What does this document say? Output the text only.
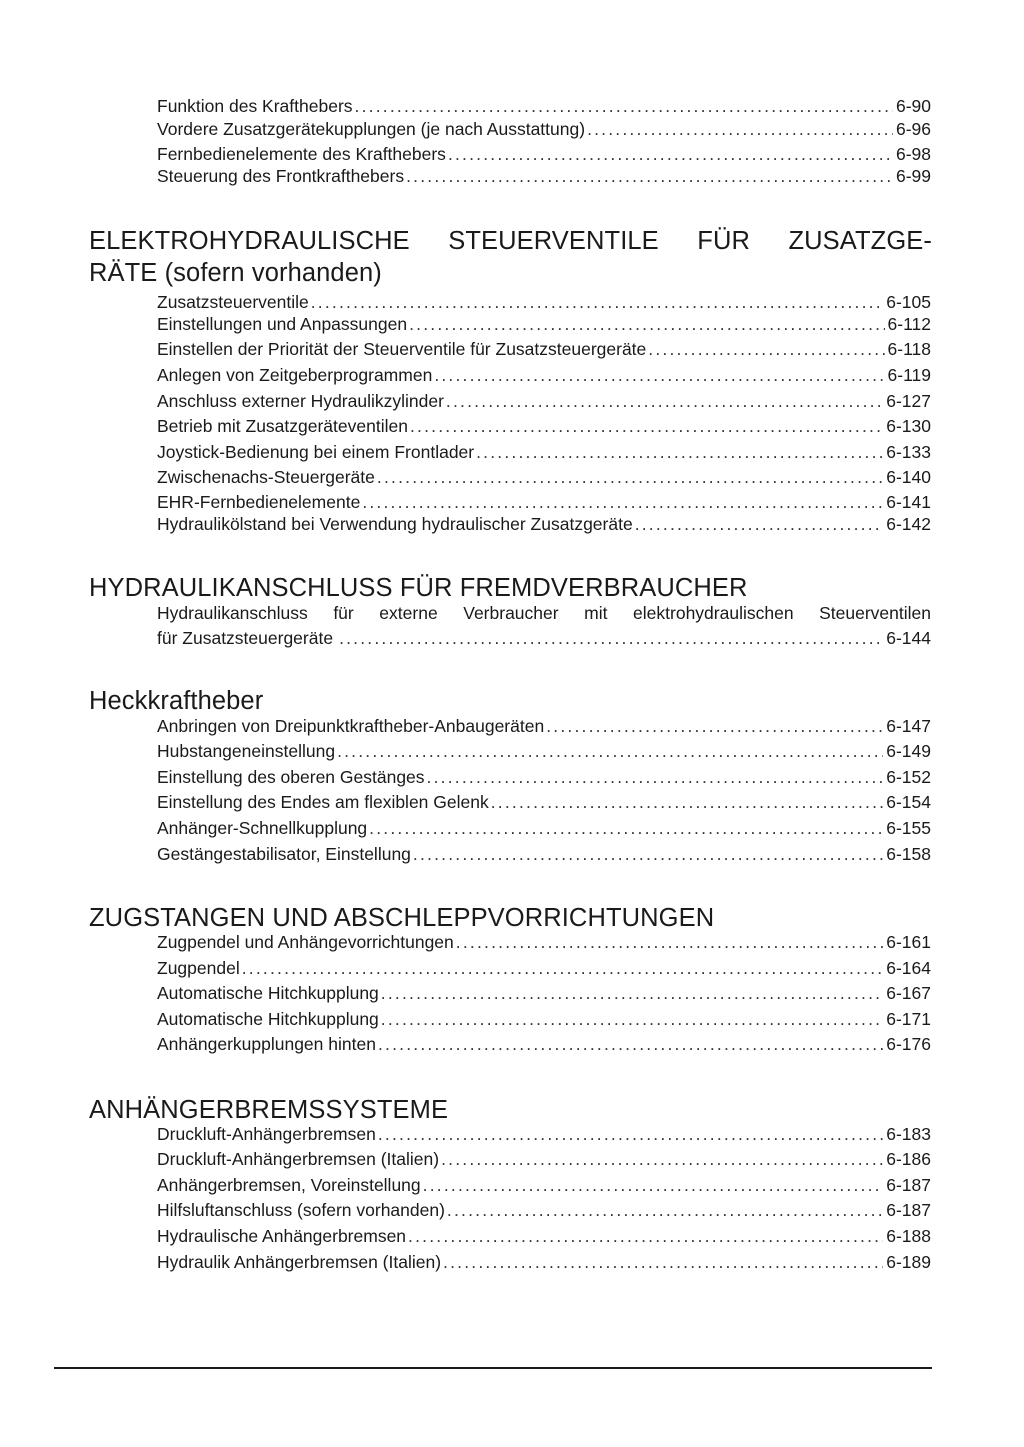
Funktion des Krafthebers .....	6-90
Vordere Zusatzgerätekupplungen (je nach Ausstattung) .....	6-96
Fernbedienelemente des Krafthebers .....	6-98
Steuerung des Frontkrafthebers .....	6-99
ELEKTROHYDRAULISCHE STEUERVENTILE FÜR ZUSATZGE-
RÄTE (sofern vorhanden)
Zusatzsteuerventile .....	6-105
Einstellungen und Anpassungen .....	6-112
Einstellen der Priorität der Steuerventile für Zusatzsteuergeräte .....	6-118
Anlegen von Zeitgeberprogrammen .....	6-119
Anschluss externer Hydraulikzylinder .....	6-127
Betrieb mit Zusatzgeräteventilen .....	6-130
Joystick-Bedienung bei einem Frontlader .....	6-133
Zwischenachs-Steuergeräte .....	6-140
EHR-Fernbedienelemente .....	6-141
Hydraulikölstand bei Verwendung hydraulischer Zusatzgeräte .....	6-142
HYDRAULIKANSCHLUSS FÜR FREMDVERBRAUCHER
Hydraulikanschluss für externe Verbraucher mit elektrohydraulischen Steuerventilen
für Zusatzsteuergeräte .....	6-144
Heckkraftheber
Anbringen von Dreipunktkraftheber-Anbaugeräten .....	6-147
Hubstangeneinstellung .....	6-149
Einstellung des oberen Gestänges .....	6-152
Einstellung des Endes am flexiblen Gelenk .....	6-154
Anhänger-Schnellkupplung .....	6-155
Gestängestabilisator, Einstellung .....	6-158
ZUGSTANGEN UND ABSCHLEPPVORRICHTUNGEN
Zugpendel und Anhängevorrichtungen .....	6-161
Zugpendel .....	6-164
Automatische Hitchkupplung .....	6-167
Automatische Hitchkupplung .....	6-171
Anhängerkupplungen hinten .....	6-176
ANHÄNGERBREMSSYSTEME
Druckluft-Anhängerbremsen .....	6-183
Druckluft-Anhängerbremsen (Italien) .....	6-186
Anhängerbremsen, Voreinstellung .....	6-187
Hilfsluftanschluss (sofern vorhanden) .....	6-187
Hydraulische Anhängerbremsen .....	6-188
Hydraulik Anhängerbremsen (Italien) .....	6-189
